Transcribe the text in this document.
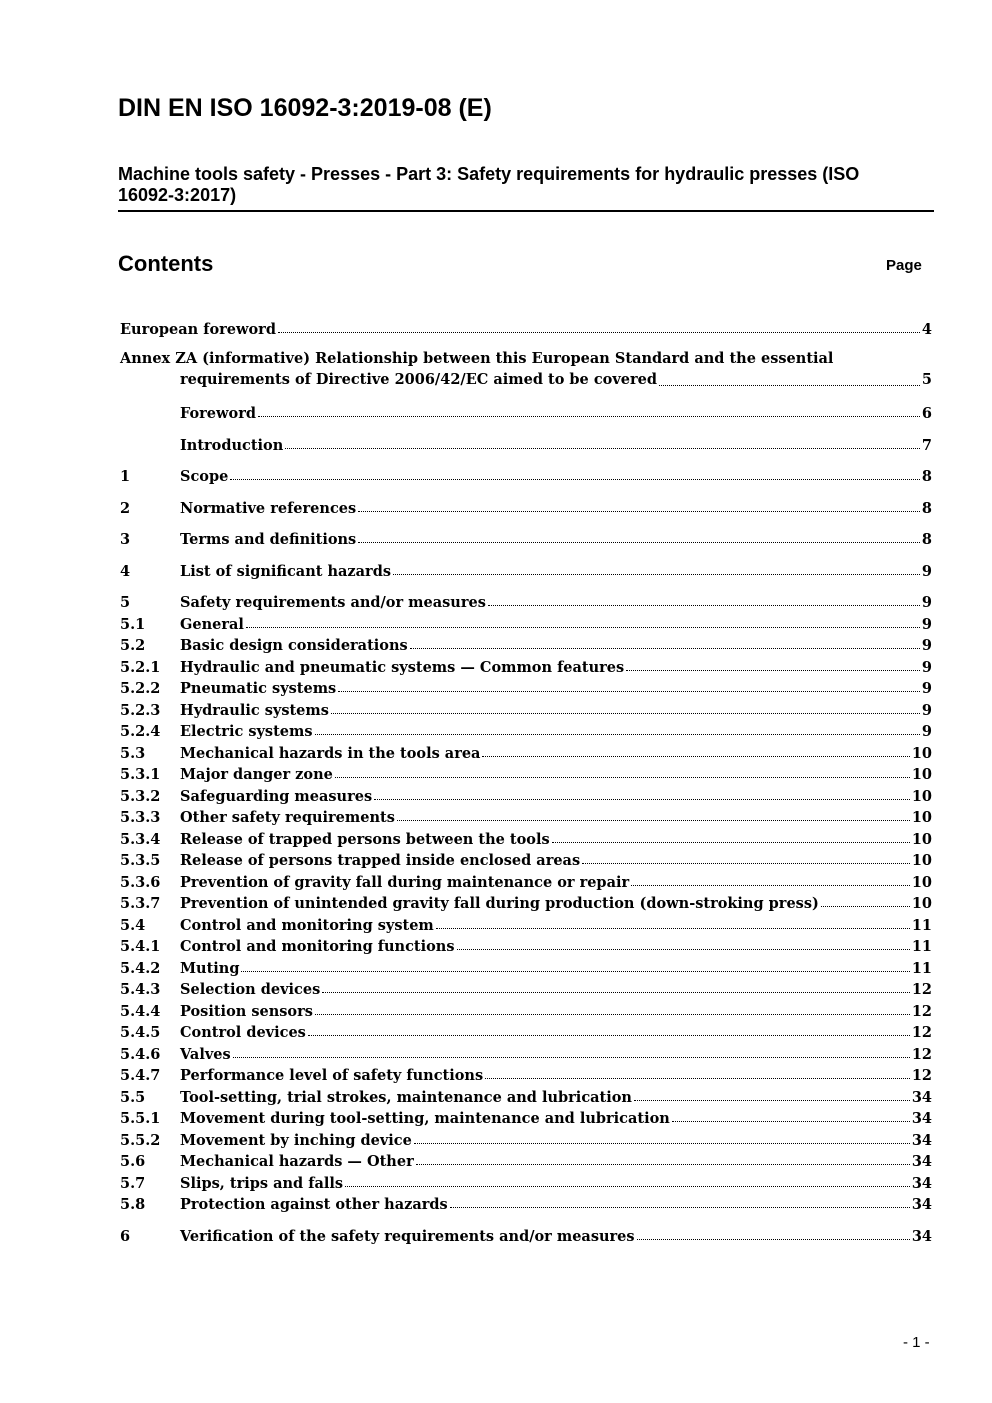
DIN EN ISO 16092-3:2019-08 (E)
Machine tools safety - Presses - Part 3: Safety requirements for hydraulic presses (ISO 16092-3:2017)
Contents	Page
European foreword	4
Annex ZA (informative) Relationship between this European Standard and the essential
requirements of Directive 2006/42/EC aimed to be covered	5
Foreword	6
Introduction	7
1	Scope	8
2	Normative references	8
3	Terms and definitions	8
4	List of significant hazards	9
5	Safety requirements and/or measures	9
5.1	General	9
5.2	Basic design considerations	9
5.2.1	Hydraulic and pneumatic systems — Common features	9
5.2.2	Pneumatic systems	9
5.2.3	Hydraulic systems	9
5.2.4	Electric systems	9
5.3	Mechanical hazards in the tools area	10
5.3.1	Major danger zone	10
5.3.2	Safeguarding measures	10
5.3.3	Other safety requirements	10
5.3.4	Release of trapped persons between the tools	10
5.3.5	Release of persons trapped inside enclosed areas	10
5.3.6	Prevention of gravity fall during maintenance or repair	10
5.3.7	Prevention of unintended gravity fall during production (down-stroking press)	10
5.4	Control and monitoring system	11
5.4.1	Control and monitoring functions	11
5.4.2	Muting	11
5.4.3	Selection devices	12
5.4.4	Position sensors	12
5.4.5	Control devices	12
5.4.6	Valves	12
5.4.7	Performance level of safety functions	12
5.5	Tool-setting, trial strokes, maintenance and lubrication	34
5.5.1	Movement during tool-setting, maintenance and lubrication	34
5.5.2	Movement by inching device	34
5.6	Mechanical hazards — Other	34
5.7	Slips, trips and falls	34
5.8	Protection against other hazards	34
6	Verification of the safety requirements and/or measures	34
- 1 -
